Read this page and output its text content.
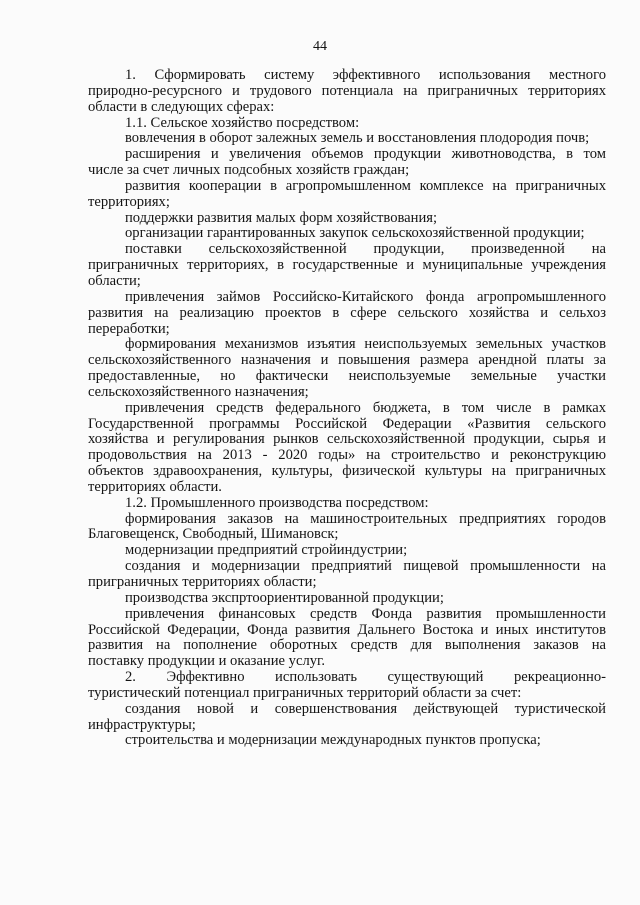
44
1. Сформировать систему эффективного использования местного
природно-ресурсного и трудового потенциала на приграничных территориях
области в следующих сферах:
1.1. Сельское хозяйство посредством:
вовлечения в оборот залежных земель и восстановления плодородия почв;
расширения и увеличения объемов продукции животноводства, в том
числе за счет личных подсобных хозяйств граждан;
развития кооперации в агропромышленном комплексе на приграничных
территориях;
поддержки развития малых форм хозяйствования;
организации гарантированных закупок сельскохозяйственной продукции;
поставки сельскохозяйственной продукции, произведенной на
приграничных территориях, в государственные и муниципальные учреждения
области;
привлечения займов Российско-Китайского фонда агропромышленного
развития на реализацию проектов в сфере сельского хозяйства и сельхоз
переработки;
формирования механизмов изъятия неиспользуемых земельных участков
сельскохозяйственного назначения и повышения размера арендной платы за
предоставленные, но фактически неиспользуемые земельные участки
сельскохозяйственного назначения;
привлечения средств федерального бюджета, в том числе в рамках
Государственной программы Российской Федерации «Развития сельского
хозяйства и регулирования рынков сельскохозяйственной продукции, сырья и
продовольствия на 2013 - 2020 годы» на строительство и реконструкцию
объектов здравоохранения, культуры, физической культуры на приграничных
территориях области.
1.2. Промышленного производства посредством:
формирования заказов на машиностроительных предприятиях городов
Благовещенск, Свободный, Шимановск;
модернизации предприятий стройиндустрии;
создания и модернизации предприятий пищевой промышленности на
приграничных территориях области;
производства экспртоориентированной продукции;
привлечения финансовых средств Фонда развития промышленности
Российской Федерации, Фонда развития Дальнего Востока и иных институтов
развития на пополнение оборотных средств для выполнения заказов на
поставку продукции и оказание услуг.
2. Эффективно использовать существующий рекреационно-
туристический потенциал приграничных территорий области за счет:
создания новой и совершенствования действующей туристической
инфраструктуры;
строительства и модернизации международных пунктов пропуска;
